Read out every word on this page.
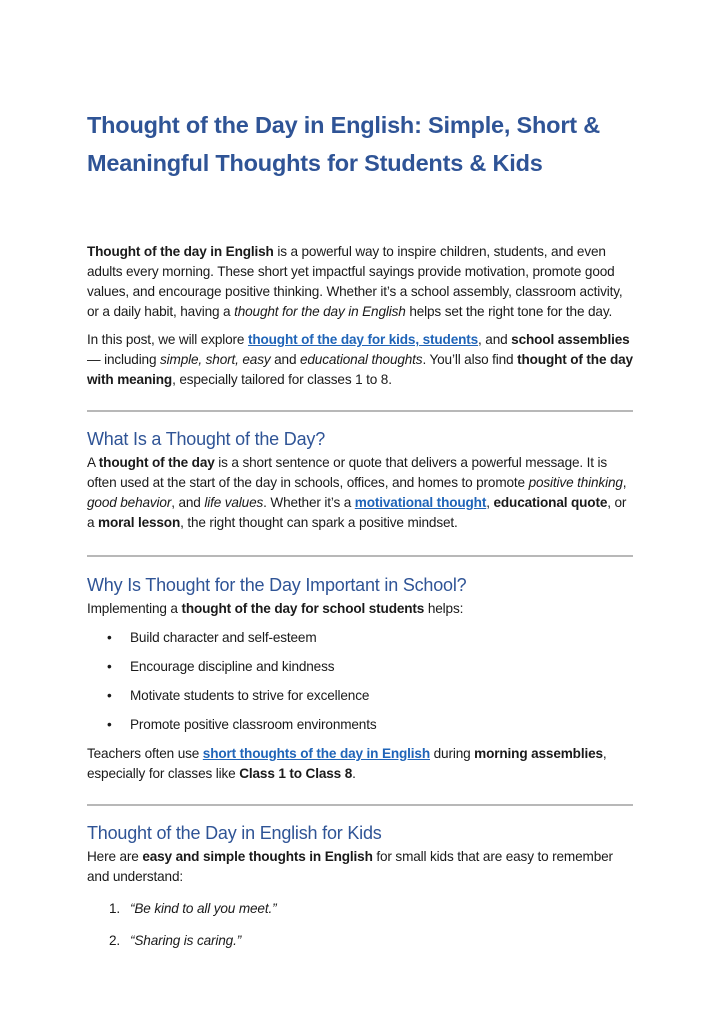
Thought of the Day in English: Simple, Short & Meaningful Thoughts for Students & Kids

Thought of the day in English is a powerful way to inspire children, students, and even adults every morning. These short yet impactful sayings provide motivation, promote good values, and encourage positive thinking. Whether it’s a school assembly, classroom activity, or a daily habit, having a thought for the day in English helps set the right tone for the day.

In this post, we will explore thought of the day for kids, students, and school assemblies— including simple, short, easy and educational thoughts. You’ll also find thought of the day with meaning, especially tailored for classes 1 to 8.

What Is a Thought of the Day?

A thought of the day is a short sentence or quote that delivers a powerful message. It is often used at the start of the day in schools, offices, and homes to promote positive thinking, good behavior, and life values. Whether it’s a motivational thought, educational quote, or a moral lesson, the right thought can spark a positive mindset.

Why Is Thought for the Day Important in School?

Implementing a thought of the day for school students helps:

• Build character and self-esteem
• Encourage discipline and kindness
• Motivate students to strive for excellence
• Promote positive classroom environments

Teachers often use short thoughts of the day in English during morning assemblies, especially for classes like Class 1 to Class 8.

Thought of the Day in English for Kids

Here are easy and simple thoughts in English for small kids that are easy to remember and understand:

1. “Be kind to all you meet.”
2. “Sharing is caring.”
